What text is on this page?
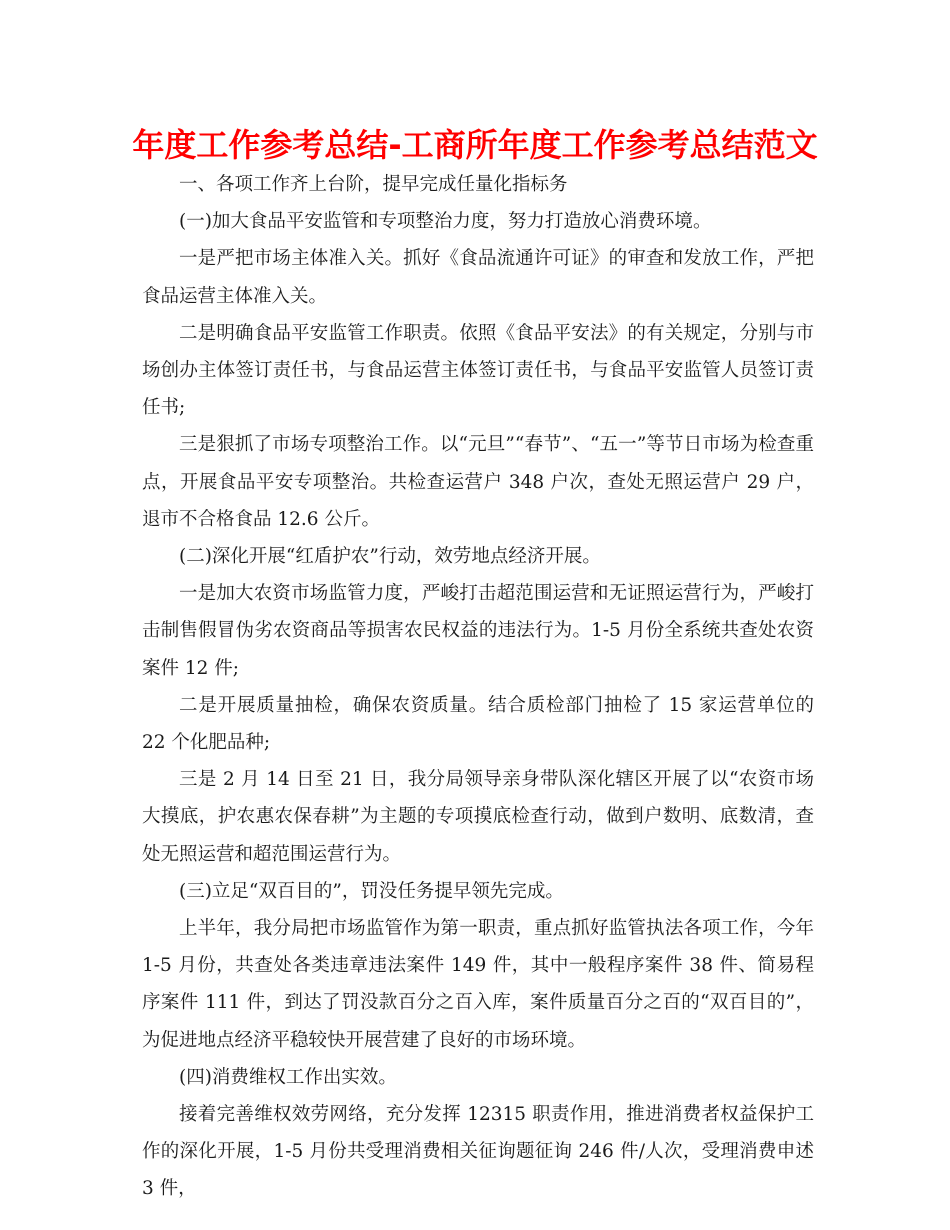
年度工作参考总结-工商所年度工作参考总结范文

一、各项工作齐上台阶，提早完成任量化指标务

(一)加大食品平安监管和专项整治力度，努力打造放心消费环境。

一是严把市场主体准入关。抓好《食品流通许可证》的审查和发放工作，严把食品运营主体准入关。

二是明确食品平安监管工作职责。依照《食品平安法》的有关规定，分别与市场创办主体签订责任书，与食品运营主体签订责任书，与食品平安监管人员签订责任书;

三是狠抓了市场专项整治工作。以“元旦”“春节”、“五一”等节日市场为检查重点，开展食品平安专项整治。共检查运营户 348 户次，查处无照运营户 29 户，退市不合格食品 12.6 公斤。

(二)深化开展“红盾护农”行动，效劳地点经济开展。

一是加大农资市场监管力度，严峻打击超范围运营和无证照运营行为，严峻打击制售假冒伪劣农资商品等损害农民权益的违法行为。1-5 月份全系统共查处农资案件 12 件;

二是开展质量抽检，确保农资质量。结合质检部门抽检了 15 家运营单位的 22 个化肥品种;

三是 2 月 14 日至 21 日，我分局领导亲身带队深化辖区开展了以“农资市场大摸底，护农惠农保春耕”为主题的专项摸底检查行动，做到户数明、底数清，查处无照运营和超范围运营行为。

(三)立足“双百目的”，罚没任务提早领先完成。

上半年，我分局把市场监管作为第一职责，重点抓好监管执法各项工作，今年 1-5 月份，共查处各类违章违法案件 149 件，其中一般程序案件 38 件、简易程序案件 111 件，到达了罚没款百分之百入库，案件质量百分之百的“双百目的”，为促进地点经济平稳较快开展营建了良好的市场环境。

(四)消费维权工作出实效。

接着完善维权效劳网络，充分发挥 12315 职责作用，推进消费者权益保护工作的深化开展，1-5 月份共受理消费相关征询题征询 246 件/人次，受理消费申述 3 件，
